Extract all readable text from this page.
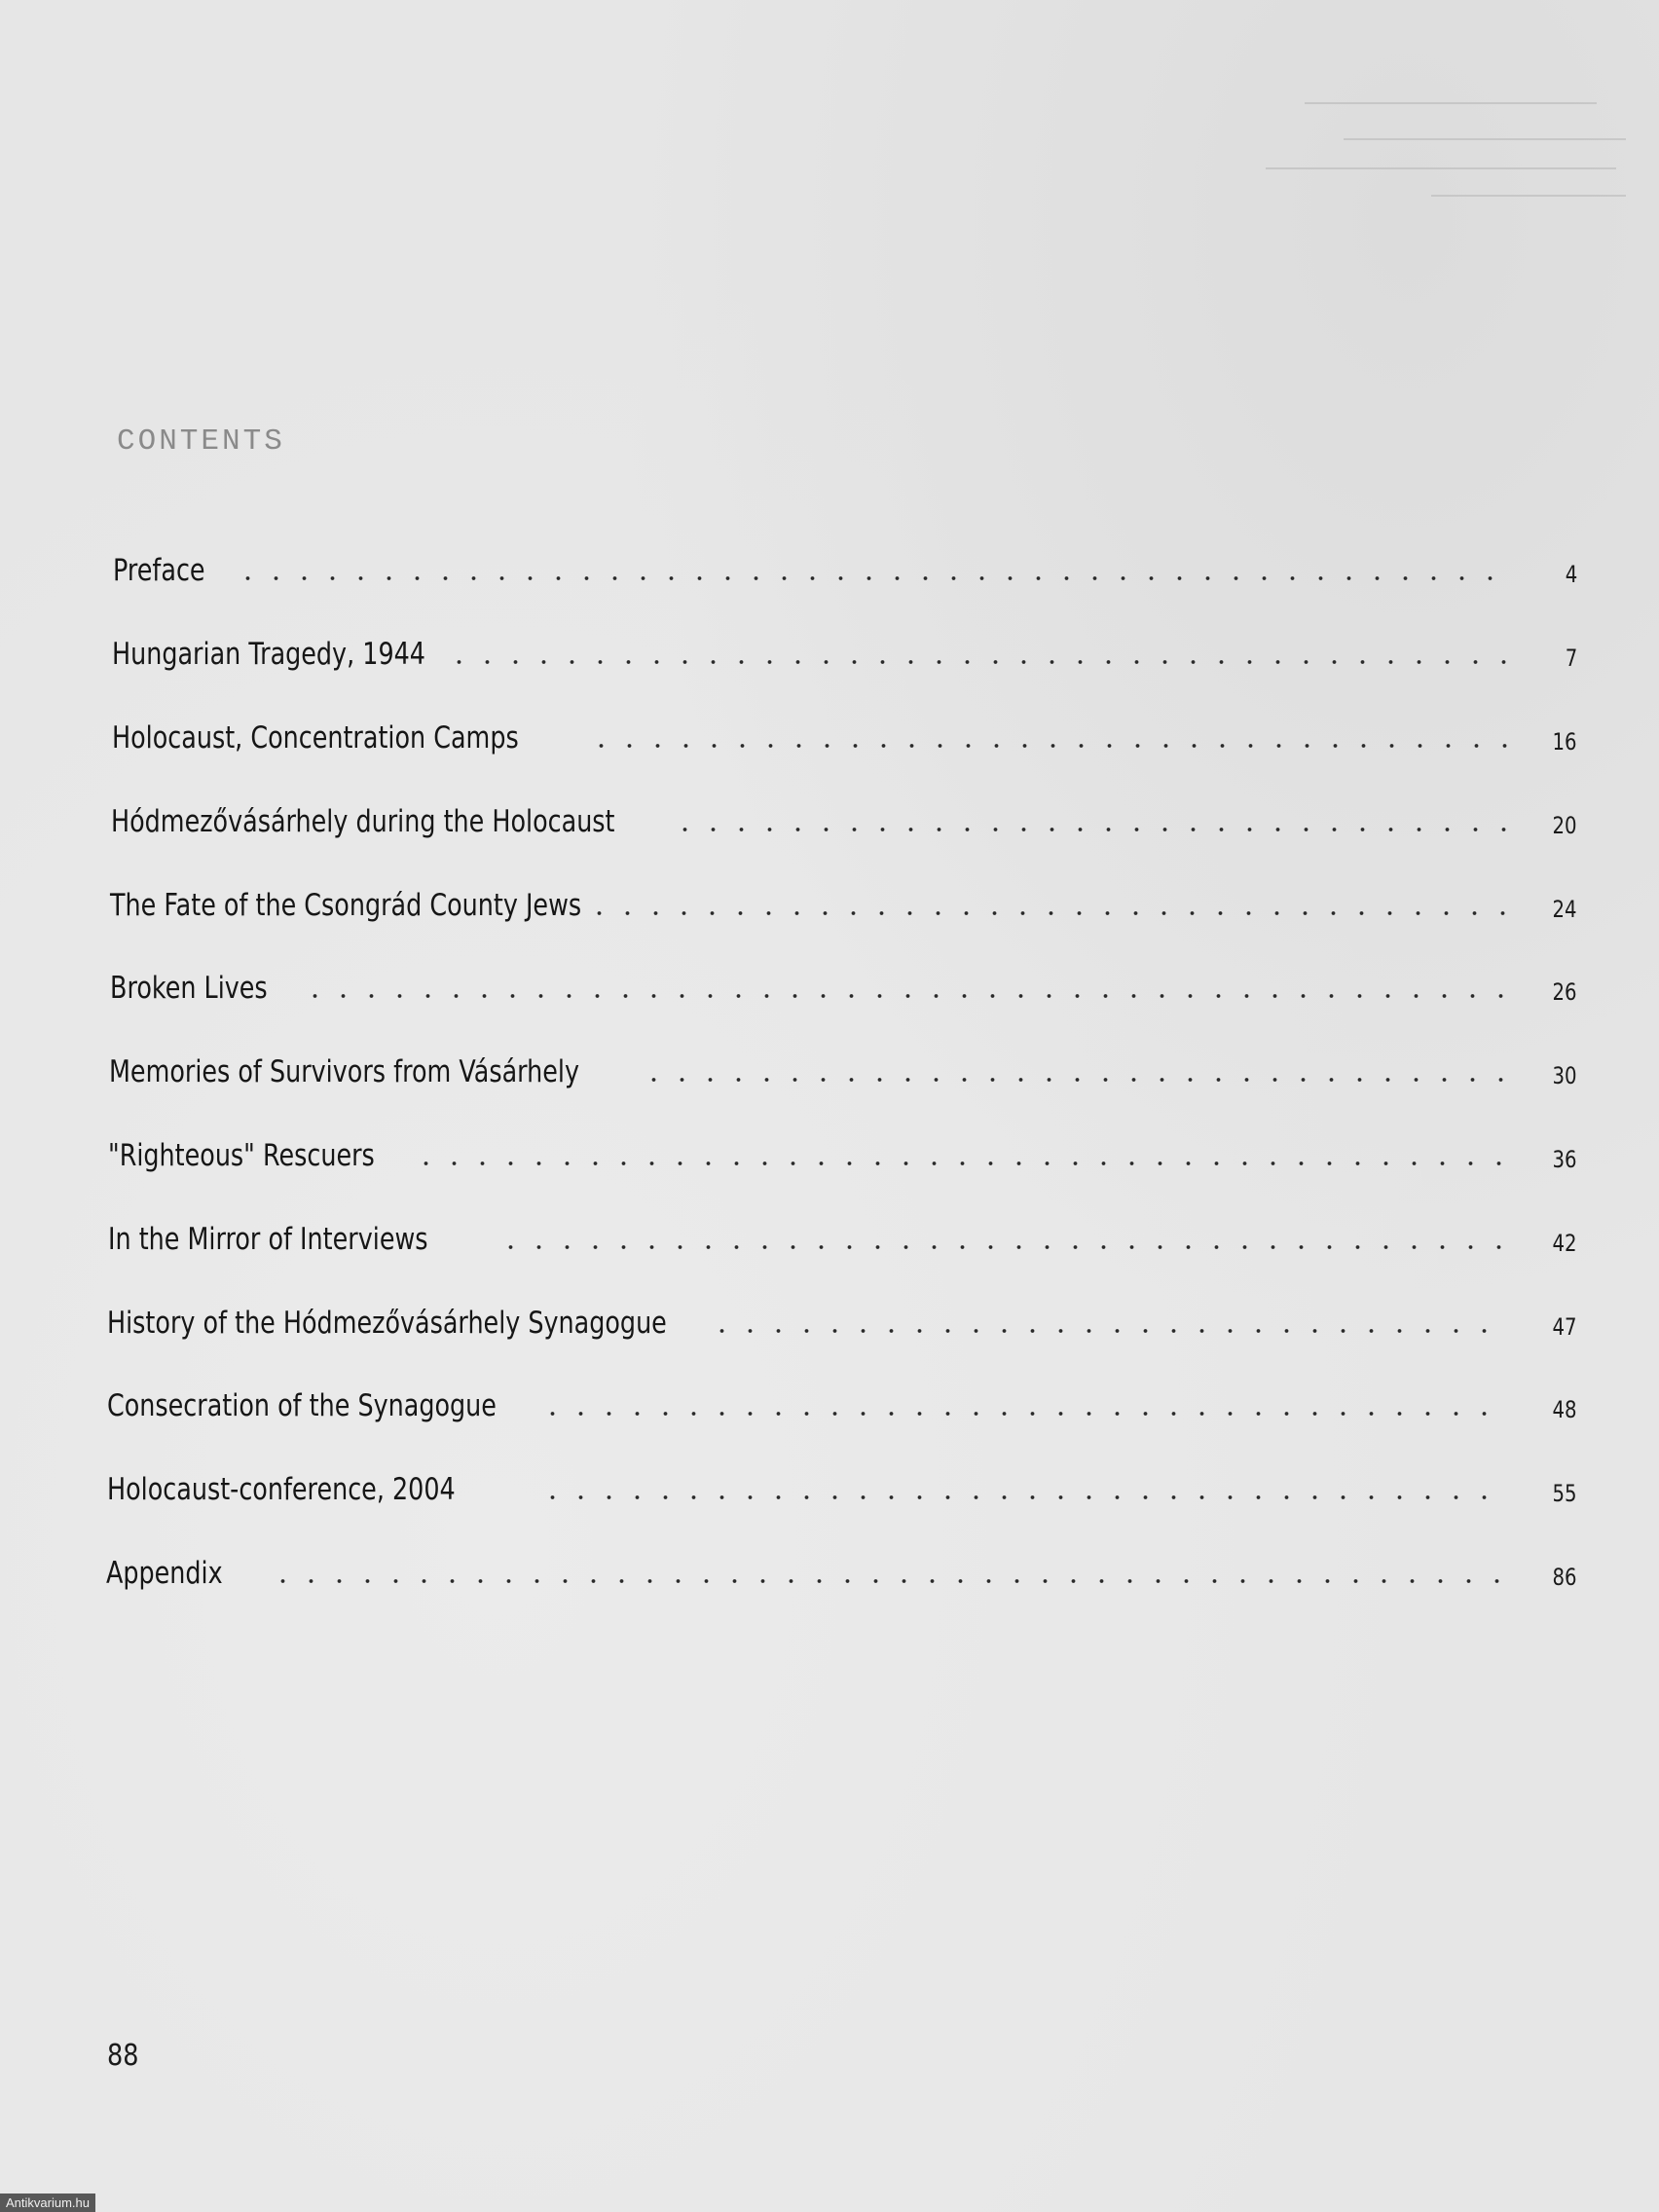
CONTENTS
Preface	4
Hungarian Tragedy, 1944	7
Holocaust, Concentration Camps	16
Hódmezővásárhely during the Holocaust	20
The Fate of the Csongrád County Jews	24
Broken Lives	26
Memories of Survivors from Vásárhely	30
"Righteous" Rescuers	36
In the Mirror of Interviews	42
History of the Hódmezővásárhely Synagogue	47
Consecration of the Synagogue	48
Holocaust-conference, 2004	55
Appendix	86
88
Antikvarium.hu
